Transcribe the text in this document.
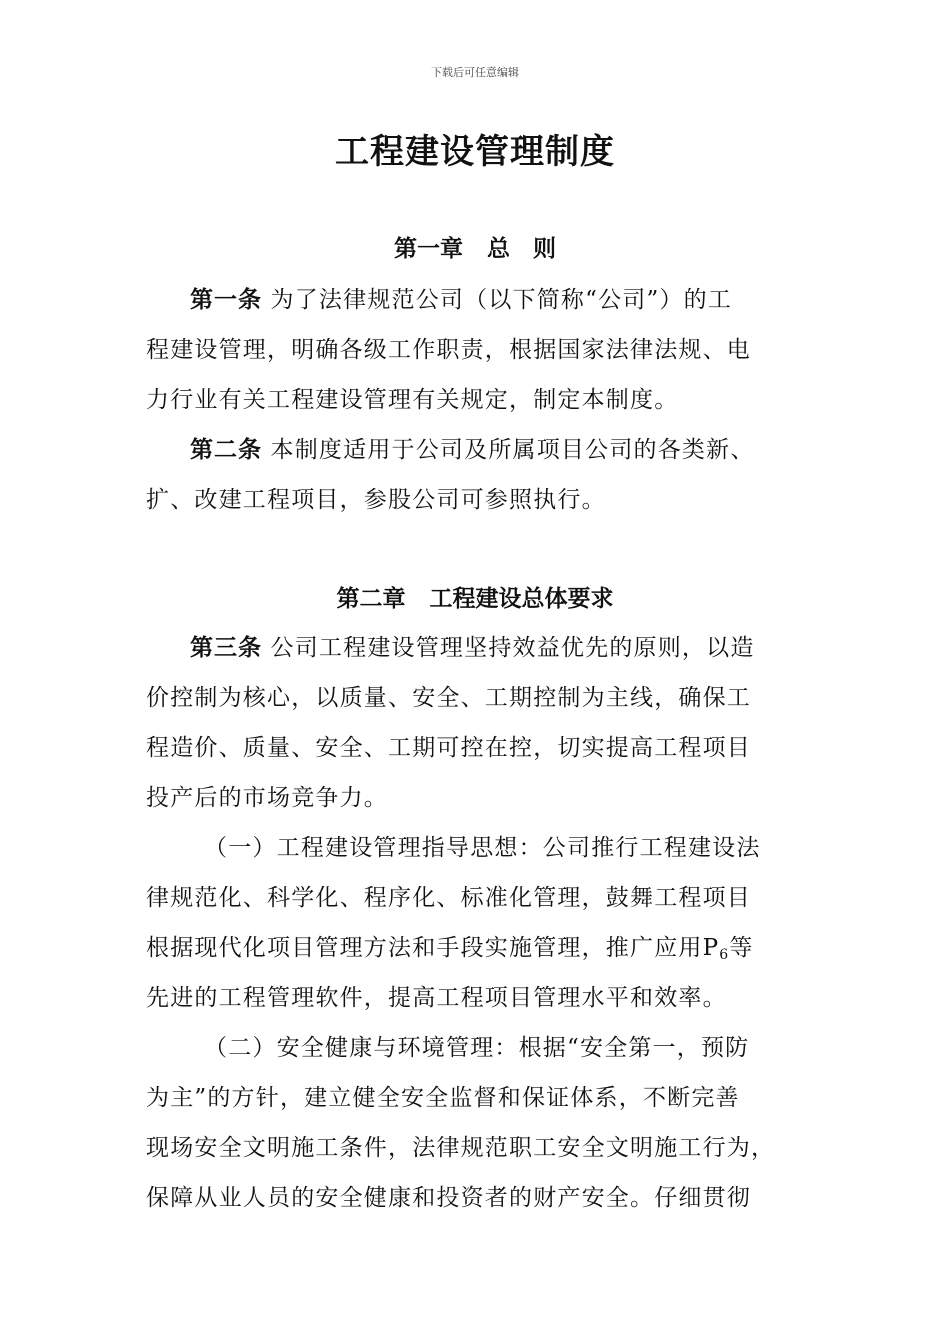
下载后可任意编辑
工程建设管理制度
第一章 总　则
第一条 为了法律规范公司（以下简称“公司”）的工
程建设管理，明确各级工作职责，根据国家法律法规、电
力行业有关工程建设管理有关规定，制定本制度。
第二条 本制度适用于公司及所属项目公司的各类新、
扩、改建工程项目，参股公司可参照执行。
第二章 工程建设总体要求
第三条 公司工程建设管理坚持效益优先的原则，以造
价控制为核心，以质量、安全、工期控制为主线，确保工
程造价、质量、安全、工期可控在控，切实提高工程项目
投产后的市场竞争力。
（一）工程建设管理指导思想：公司推行工程建设法
律规范化、科学化、程序化、标准化管理，鼓舞工程项目
根据现代化项目管理方法和手段实施管理，推广应用P6等
先进的工程管理软件，提高工程项目管理水平和效率。
（二）安全健康与环境管理：根据“安全第一，预防
为主”的方针，建立健全安全监督和保证体系，不断完善
现场安全文明施工条件，法律规范职工安全文明施工行为，
保障从业人员的安全健康和投资者的财产安全。仔细贯彻
